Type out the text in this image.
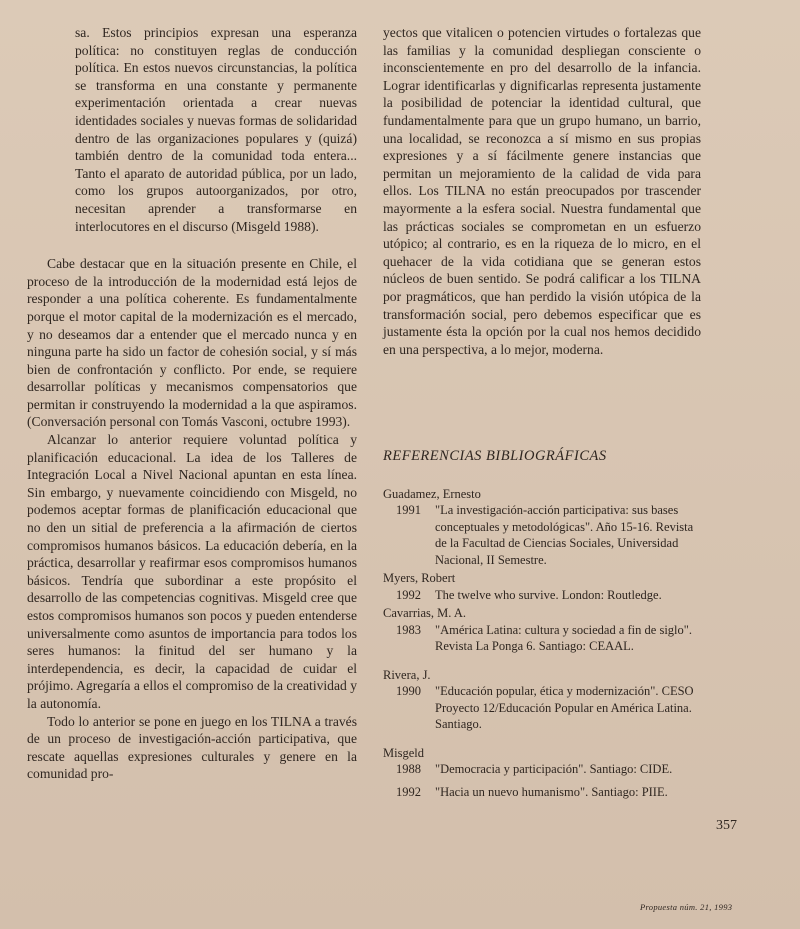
sa. Estos principios expresan una esperanza política: no constituyen reglas de conducción política. En estos nuevos circunstancias, la política se transforma en una constante y permanente experimentación orientada a crear nuevas identidades sociales y nuevas formas de solidaridad dentro de las organizaciones populares y (quizá) también dentro de la comunidad toda entera... Tanto el aparato de autoridad pública, por un lado, como los grupos autoorganizados, por otro, necesitan aprender a transformarse en interlocutores en el discurso (Misgeld 1988).

Cabe destacar que en la situación presente en Chile, el proceso de la introducción de la modernidad está lejos de responder a una política coherente. Es fundamentalmente porque el motor capital de la modernización es el mercado, y no deseamos dar a entender que el mercado nunca y en ninguna parte ha sido un factor de cohesión social, y sí más bien de confrontación y conflicto. Por ende, se requiere desarrollar políticas y mecanismos compensatorios que permitan ir construyendo la modernidad a la que aspiramos. (Conversación personal con Tomás Vasconi, octubre 1993).

Alcanzar lo anterior requiere voluntad política y planificación educacional. La idea de los Talleres de Integración Local a Nivel Nacional apuntan en esta línea. Sin embargo, y nuevamente coincidiendo con Misgeld, no podemos aceptar formas de planificación educacional que no den un sitial de preferencia a la afirmación de ciertos compromisos humanos básicos. La educación debería, en la práctica, desarrollar y reafirmar esos compromisos humanos básicos. Tendría que subordinar a este propósito el desarrollo de las competencias cognitivas. Misgeld cree que estos compromisos humanos son pocos y pueden entenderse universalmente como asuntos de importancia para todos los seres humanos: la finitud del ser humano y la interdependencia, es decir, la capacidad de cuidar el prójimo. Agregaría a ellos el compromiso de la creatividad y la autonomía.

Todo lo anterior se pone en juego en los TILNA a través de un proceso de investigación-acción participativa, que rescate aquellas expresiones culturales y genere en la comunidad pro-

yectos que vitalicen o potencien virtudes o fortalezas que las familias y la comunidad despliegan consciente o inconscientemente en pro del desarrollo de la infancia. Lograr identificarlas y dignificarlas representa justamente la posibilidad de potenciar la identidad cultural, que fundamentalmente para que un grupo humano, un barrio, una localidad, se reconozca a sí mismo en sus propias expresiones y a sí fácilmente genere instancias que permitan un mejoramiento de la calidad de vida para ellos. Los TILNA no están preocupados por trascender mayormente a la esfera social. Nuestra fundamental que las prácticas sociales se comprometan en un esfuerzo utópico; al contrario, es en la riqueza de lo micro, en el quehacer de la vida cotidiana que se generan estos núcleos de buen sentido. Se podrá calificar a los TILNA por pragmáticos, que han perdido la visión utópica de la transformación social, pero debemos especificar que es justamente ésta la opción por la cual nos hemos decidido en una perspectiva, a lo mejor, moderna.

REFERENCIAS BIBLIOGRÁFICAS
Guadamez, Ernesto
1991	"La investigación-acción participativa: sus bases conceptuales y metodológicas". Año 15-16. Revista de la Facultad de Ciencias Sociales, Universidad Nacional, II Semestre.
Myers, Robert
1992	The twelve who survive. London: Routledge.
Cavarrias, M. A.
1983	"América Latina: cultura y sociedad a fin de siglo". Revista La Ponga 6. Santiago: CEAAL.
Rivera, J.
1990	"Educación popular, ética y modernización". CESO Proyecto 12/Educación Popular en América Latina. Santiago.
Misgeld
1988	"Democracia y participación". Santiago: CIDE.
1992	"Hacia un nuevo humanismo". Santiago: PIIE.
357
Propuesta núm. 21, 1993
